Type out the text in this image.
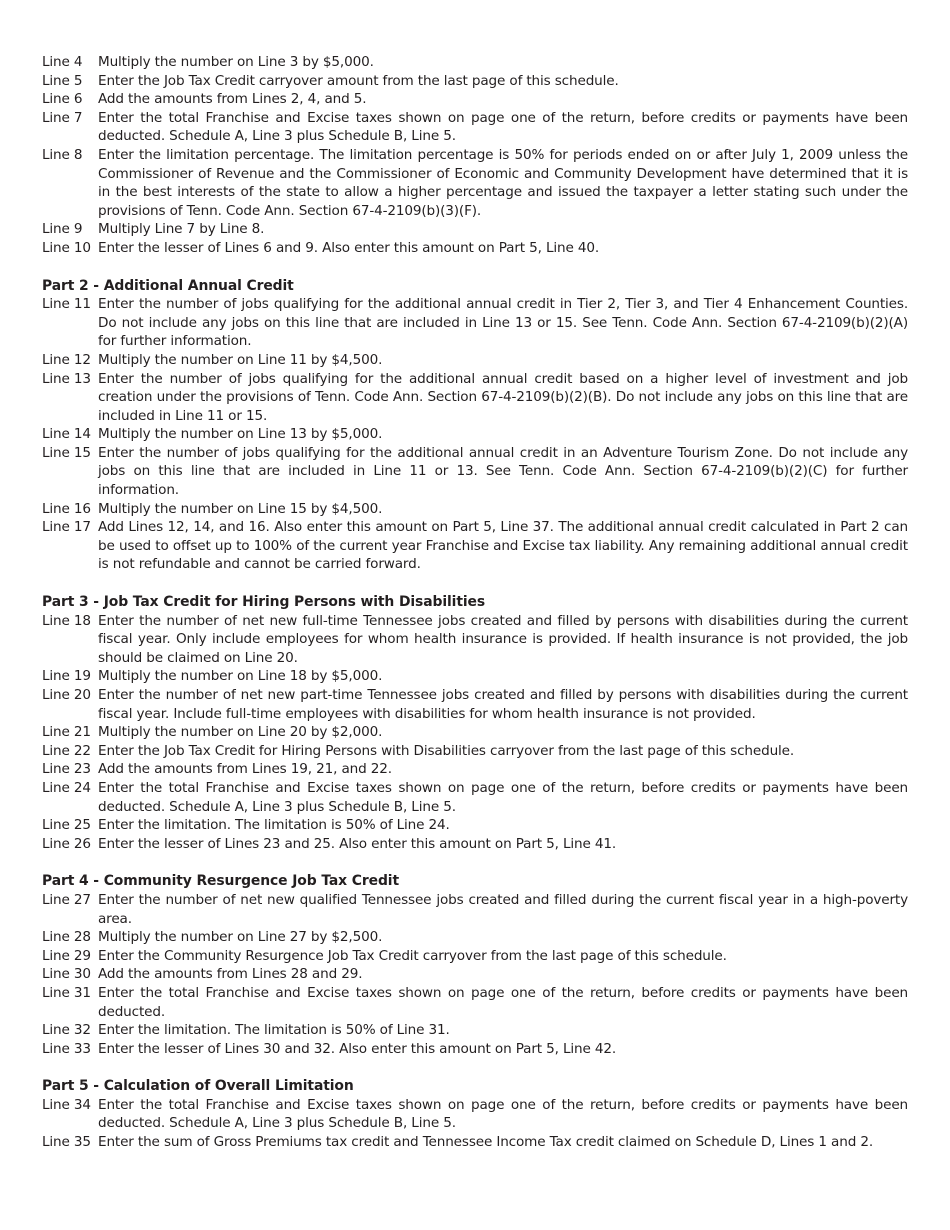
Line 4	Multiply the number on Line 3 by $5,000.
Line 5	Enter the Job Tax Credit carryover amount from the last page of this schedule.
Line 6	Add the amounts from Lines 2, 4, and 5.
Line 7	Enter the total Franchise and Excise taxes shown on page one of the return, before credits or payments have been deducted. Schedule A, Line 3 plus Schedule B, Line 5.
Line 8	Enter the limitation percentage. The limitation percentage is 50% for periods ended on or after July 1, 2009 unless the Commissioner of Revenue and the Commissioner of Economic and Community Development have determined that it is in the best interests of the state to allow a higher percentage and issued the taxpayer a letter stating such under the provisions of Tenn. Code Ann. Section 67-4-2109(b)(3)(F).
Line 9	Multiply Line 7 by Line 8.
Line 10 Enter the lesser of Lines 6 and 9. Also enter this amount on Part 5, Line 40.
Part 2 - Additional Annual Credit
Line 11 Enter the number of jobs qualifying for the additional annual credit in Tier 2, Tier 3, and Tier 4 Enhancement Counties. Do not include any jobs on this line that are included in Line 13 or 15. See Tenn. Code Ann. Section 67-4-2109(b)(2)(A) for further information.
Line 12 Multiply the number on Line 11 by $4,500.
Line 13 Enter the number of jobs qualifying for the additional annual credit based on a higher level of investment and job creation under the provisions of Tenn. Code Ann. Section 67-4-2109(b)(2)(B). Do not include any jobs on this line that are included in Line 11 or 15.
Line 14 Multiply the number on Line 13 by $5,000.
Line 15 Enter the number of jobs qualifying for the additional annual credit in an Adventure Tourism Zone. Do not include any jobs on this line that are included in Line 11 or 13. See Tenn. Code Ann. Section 67-4-2109(b)(2)(C) for further information.
Line 16 Multiply the number on Line 15 by $4,500.
Line 17 Add Lines 12, 14, and 16. Also enter this amount on Part 5, Line 37. The additional annual credit calculated in Part 2 can be used to offset up to 100% of the current year Franchise and Excise tax liability. Any remaining additional annual credit is not refundable and cannot be carried forward.
Part 3 - Job Tax Credit for Hiring Persons with Disabilities
Line 18 Enter the number of net new full-time Tennessee jobs created and filled by persons with disabilities during the current fiscal year. Only include employees for whom health insurance is provided. If health insurance is not provided, the job should be claimed on Line 20.
Line 19 Multiply the number on Line 18 by $5,000.
Line 20 Enter the number of net new part-time Tennessee jobs created and filled by persons with disabilities during the current fiscal year. Include full-time employees with disabilities for whom health insurance is not provided.
Line 21 Multiply the number on Line 20 by $2,000.
Line 22 Enter the Job Tax Credit for Hiring Persons with Disabilities carryover from the last page of this schedule.
Line 23 Add the amounts from Lines 19, 21, and 22.
Line 24 Enter the total Franchise and Excise taxes shown on page one of the return, before credits or payments have been deducted. Schedule A, Line 3 plus Schedule B, Line 5.
Line 25 Enter the limitation. The limitation is 50% of Line 24.
Line 26 Enter the lesser of Lines 23 and 25. Also enter this amount on Part 5, Line 41.
Part 4 - Community Resurgence Job Tax Credit
Line 27 Enter the number of net new qualified Tennessee jobs created and filled during the current fiscal year in a high-poverty area.
Line 28 Multiply the number on Line 27 by $2,500.
Line 29 Enter the Community Resurgence Job Tax Credit carryover from the last page of this schedule.
Line 30 Add the amounts from Lines 28 and 29.
Line 31 Enter the total Franchise and Excise taxes shown on page one of the return, before credits or payments have been deducted.
Line 32 Enter the limitation. The limitation is 50% of Line 31.
Line 33 Enter the lesser of Lines 30 and 32. Also enter this amount on Part 5, Line 42.
Part 5 - Calculation of Overall Limitation
Line 34 Enter the total Franchise and Excise taxes shown on page one of the return, before credits or payments have been deducted. Schedule A, Line 3 plus Schedule B, Line 5.
Line 35 Enter the sum of Gross Premiums tax credit and Tennessee Income Tax credit claimed on Schedule D, Lines 1 and 2.
